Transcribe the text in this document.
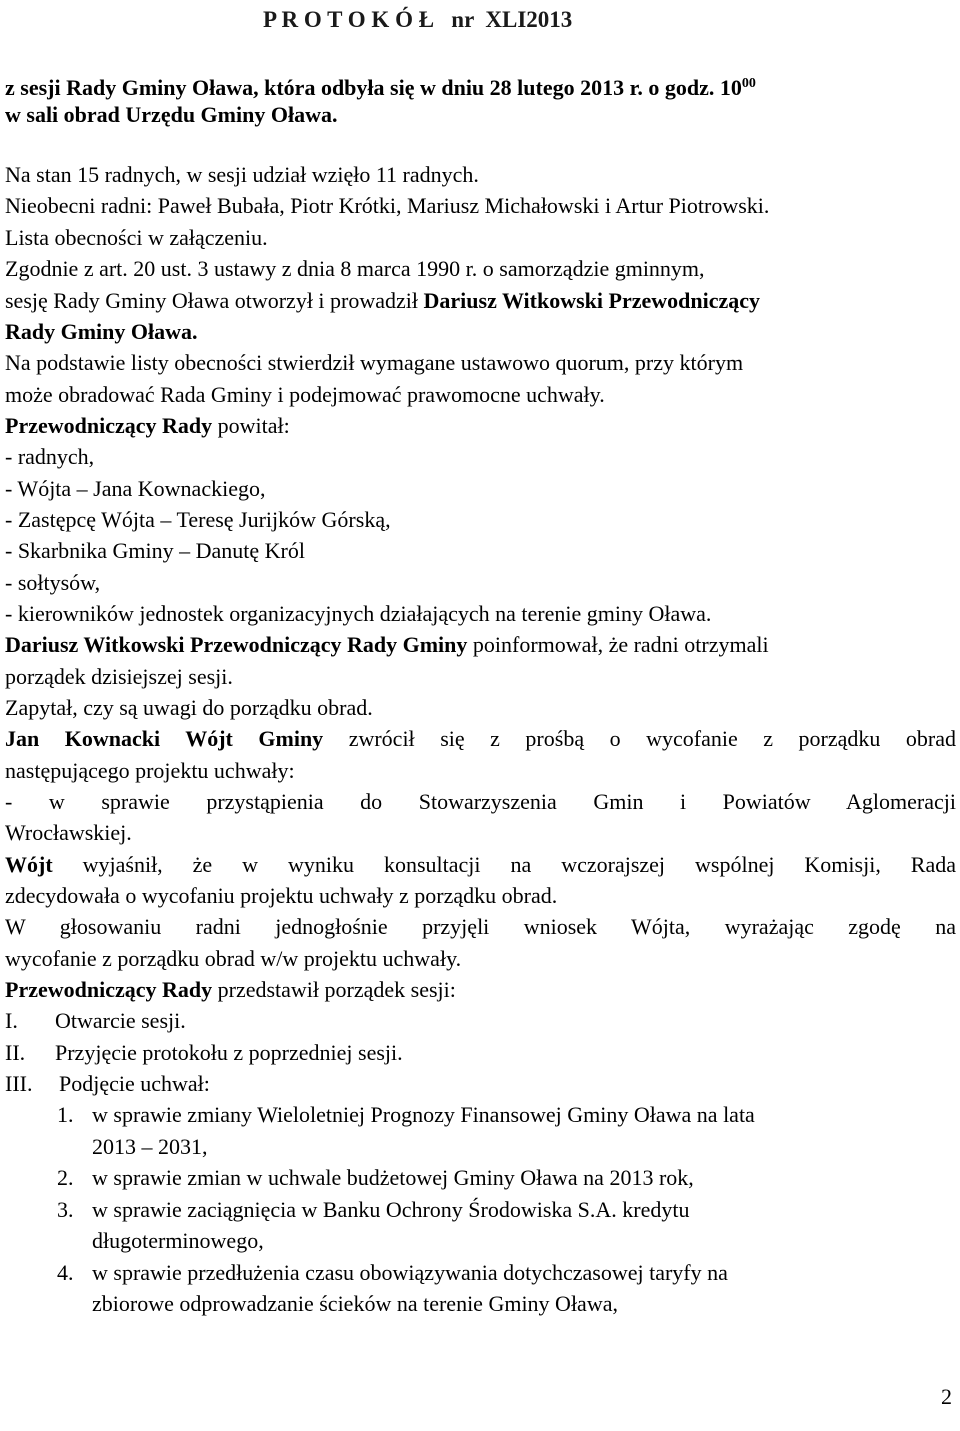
P R O T O K Ó Ł   nr  XLI2013

z sesji Rady Gminy Oława, która odbyła się w dniu 28 lutego 2013 r. o godz. $10^{00}$

w sali obrad Urzędu Gminy Oława.

Na stan 15 radnych, w sesji udział wzięło 11 radnych.

Nieobecni radni: Paweł Bubała, Piotr Krótki, Mariusz Michałowski i Artur Piotrowski.

Lista obecności w załączeniu.

Zgodnie z art. 20 ust. 3 ustawy z dnia 8 marca 1990 r. o samorządzie gminnym,

sesję Rady Gminy Oława otworzył i prowadził Dariusz Witkowski Przewodniczący

Rady Gminy Oława.

Na podstawie listy obecności stwierdził wymagane ustawowo quorum, przy którym

może obradować Rada Gminy i podejmować prawomocne uchwały.

Przewodniczący Rady powitał:

- radnych,

- Wójta – Jana Kownackiego,

- Zastępcę Wójta – Teresę Jurijków Górską,

- Skarbnika Gminy – Danutę Król

- sołtysów,

- kierowników jednostek organizacyjnych działających na terenie gminy Oława.

Dariusz Witkowski Przewodniczący Rady Gminy poinformował, że radni otrzymali

porządek dzisiejszej sesji.

Zapytał, czy są uwagi do porządku obrad.

Jan Kownacki Wójt Gminy zwrócił się z prośbą o wycofanie z porządku obrad

następującego projektu uchwały:

- w sprawie przystąpienia do Stowarzyszenia Gmin i Powiatów Aglomeracji

Wrocławskiej.

Wójt wyjaśnił, że w wyniku konsultacji na wczorajszej wspólnej Komisji, Rada

zdecydowała o wycofaniu projektu uchwały z porządku obrad.

W głosowaniu radni jednogłośnie przyjęli wniosek Wójta, wyrażając zgodę na

wycofanie z porządku obrad w/w projektu uchwały.

Przewodniczący Rady przedstawił porządek sesji:

I. Otwarcie sesji.

II. Przyjęcie protokołu z poprzedniej sesji.

III. Podjęcie uchwał:

1. w sprawie zmiany Wieloletniej Prognozy Finansowej Gminy Oława na lata
2013 – 2031,
2. w sprawie zmian w uchwale budżetowej Gminy Oława na 2013 rok,
3. w sprawie zaciągnięcia w Banku Ochrony Środowiska S.A. kredytu
długoterminowego,
4. w sprawie przedłużenia czasu obowiązywania dotychczasowej taryfy na
zbiorowe odprowadzanie ścieków na terenie Gminy Oława,
2
